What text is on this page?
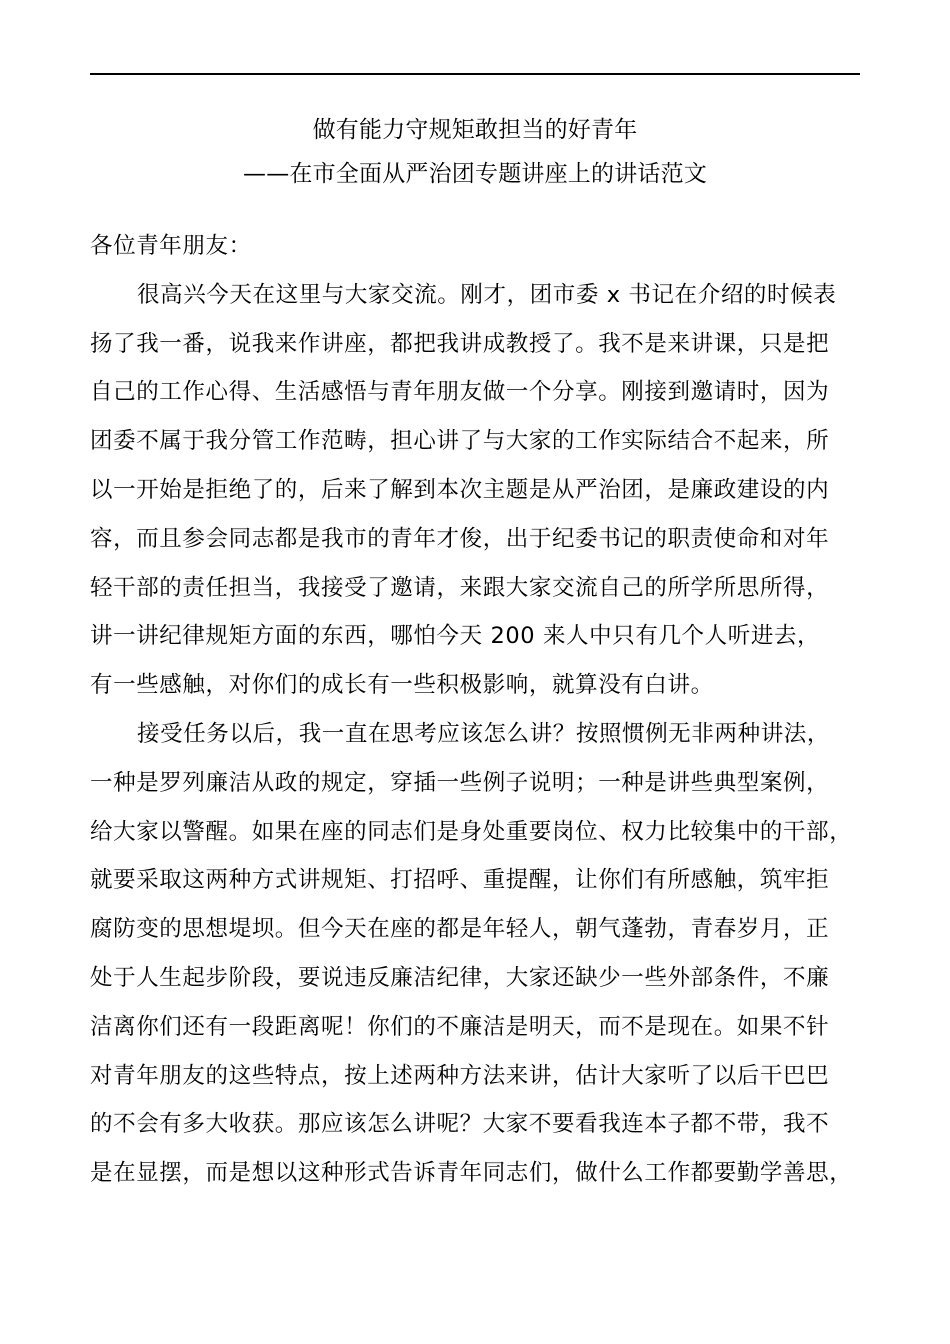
做有能力守规矩敢担当的好青年
——在市全面从严治团专题讲座上的讲话范文
各位青年朋友：
很高兴今天在这里与大家交流。刚才，团市委 x 书记在介绍的时候表
扬了我一番，说我来作讲座，都把我讲成教授了。我不是来讲课，只是把
自己的工作心得、生活感悟与青年朋友做一个分享。刚接到邀请时，因为
团委不属于我分管工作范畴，担心讲了与大家的工作实际结合不起来，所
以一开始是拒绝了的，后来了解到本次主题是从严治团，是廉政建设的内
容，而且参会同志都是我市的青年才俊，出于纪委书记的职责使命和对年
轻干部的责任担当，我接受了邀请，来跟大家交流自己的所学所思所得，
讲一讲纪律规矩方面的东西，哪怕今天 200 来人中只有几个人听进去，
有一些感触，对你们的成长有一些积极影响，就算没有白讲。
接受任务以后，我一直在思考应该怎么讲？按照惯例无非两种讲法，
一种是罗列廉洁从政的规定，穿插一些例子说明；一种是讲些典型案例，
给大家以警醒。如果在座的同志们是身处重要岗位、权力比较集中的干部，
就要采取这两种方式讲规矩、打招呼、重提醒，让你们有所感触，筑牢拒
腐防变的思想堤坝。但今天在座的都是年轻人，朝气蓬勃，青春岁月，正
处于人生起步阶段，要说违反廉洁纪律，大家还缺少一些外部条件，不廉
洁离你们还有一段距离呢！你们的不廉洁是明天，而不是现在。如果不针
对青年朋友的这些特点，按上述两种方法来讲，估计大家听了以后干巴巴
的不会有多大收获。那应该怎么讲呢？大家不要看我连本子都不带，我不
是在显摆，而是想以这种形式告诉青年同志们，做什么工作都要勤学善思，
